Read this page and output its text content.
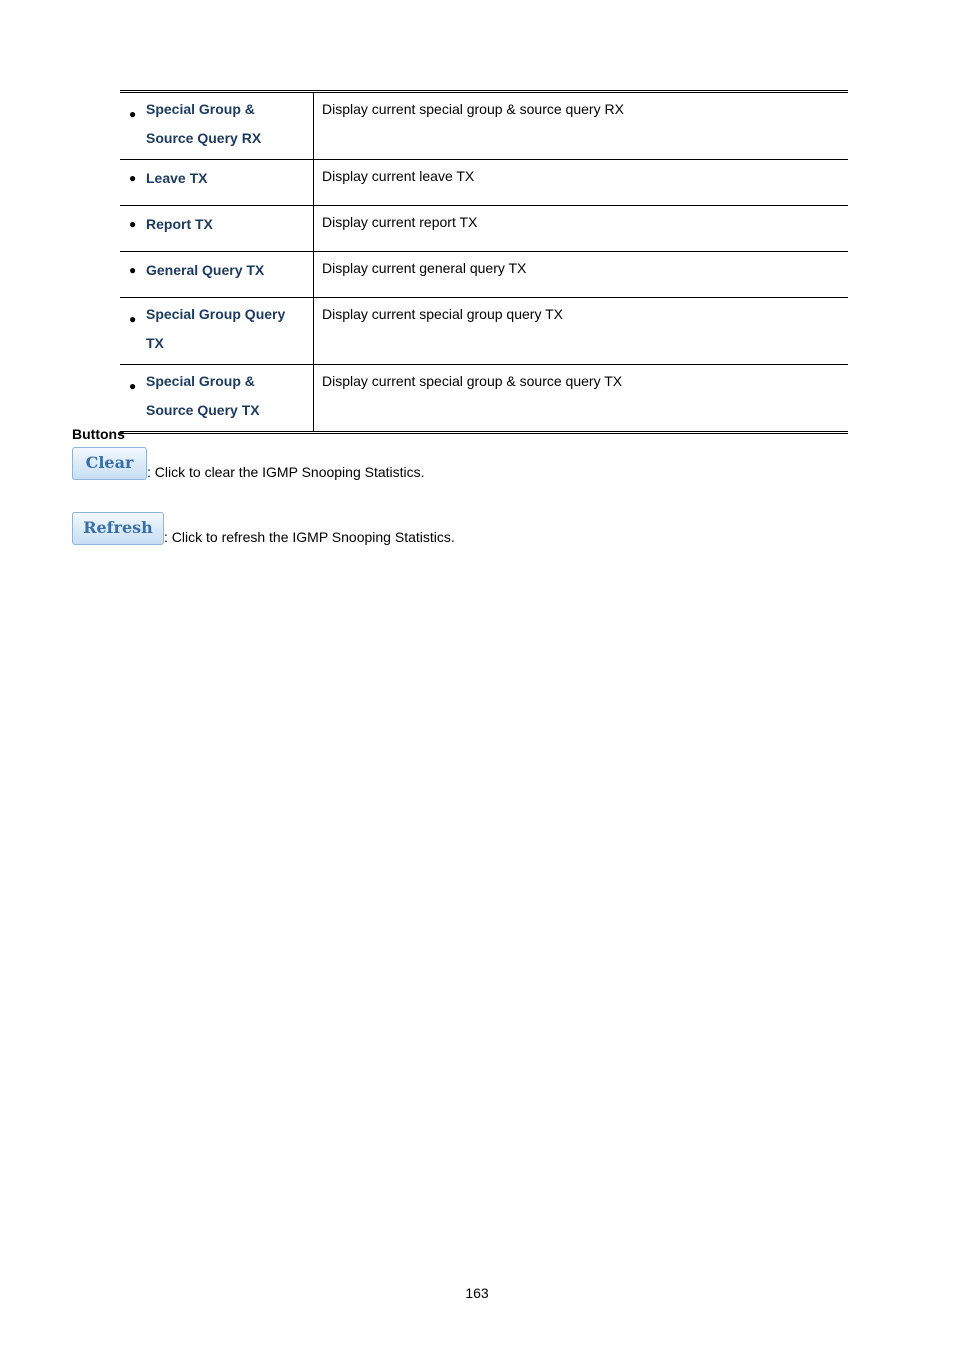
● Special Group &
Source Query RX	Display current special group & source query RX

● Leave TX	Display current leave TX

● Report TX	Display current report TX

● General Query TX	Display current general query TX

● Special Group Query
TX	Display current special group query TX

● Special Group &
Source Query TX	Display current special group & source query TX
Buttons
Clear : Click to clear the IGMP Snooping Statistics.
Refresh : Click to refresh the IGMP Snooping Statistics.
163
